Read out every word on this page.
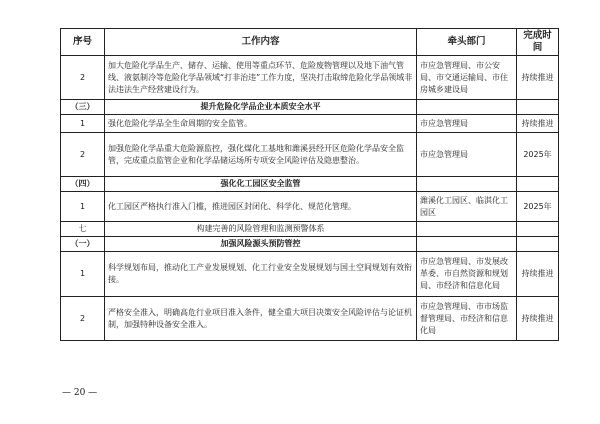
序号	工作内容	牵头部门	完成时间
2	加大危险化学品生产、储存、运输、使用等重点环节、危险废物管理以及地下油气管线、液氨制冷等危险化学品领域“打非治违”工作力度，坚决打击取缔危险化学品领域非法违法生产经营建设行为。	市应急管理局、市公安局、市交通运输局、市住房城乡建设局	持续推进
（三）	提升危险化学品企业本质安全水平		
1	强化危险化学品全生命周期的安全监管。	市应急管理局	持续推进
2	加强危险化学品重大危险源监控，强化煤化工基地和潍溪县经开区危险化学品安全监管，完成重点监管企业和化学品储运场所专项安全风险评估及隐患整治。	市应急管理局	2025年
（四）	强化化工园区安全监管		
1	化工园区严格执行准入门槛，推进园区封闭化、科学化、规范化管理。	潍溪化工园区、临淇化工园区	2025年
七	构建完善的风险管理和监测预警体系		
（一）	加强风险源头预防管控		
1	科学规划布局，推动化工产业发展规划、化工行业安全发展规划与国土空间规划有效衔接。	市应急管理局、市发展改革委、市自然资源和规划局、市经济和信息化局	持续推进
2	严格安全准入，明确高危行业项目准入条件，健全重大项目决策安全风险评估与论证机制，加强特种设备安全准入。	市应急管理局、市市场监督管理局、市经济和信息化局	持续推进
— 20 —
